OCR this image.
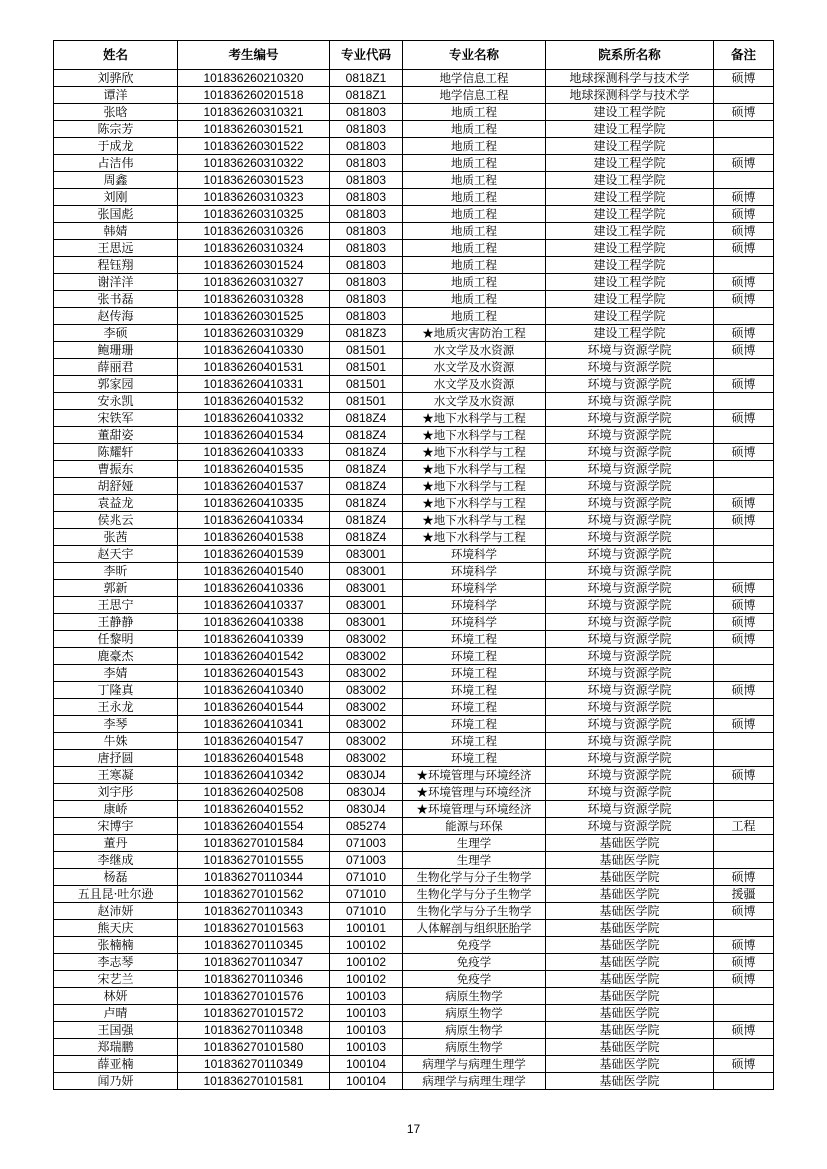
姓名	考生编号	专业代码	专业名称	院系所名称	备注
刘骅欣	101836260210320	0818Z1	地学信息工程	地球探测科学与技术学	硕博
谭洋	101836260201518	0818Z1	地学信息工程	地球探测科学与技术学	
张晗	101836260310321	081803	地质工程	建设工程学院	硕博
陈宗芳	101836260301521	081803	地质工程	建设工程学院	
于成龙	101836260301522	081803	地质工程	建设工程学院	
占洁伟	101836260310322	081803	地质工程	建设工程学院	硕博
周鑫	101836260301523	081803	地质工程	建设工程学院	
刘刚	101836260310323	081803	地质工程	建设工程学院	硕博
张国彪	101836260310325	081803	地质工程	建设工程学院	硕博
韩婧	101836260310326	081803	地质工程	建设工程学院	硕博
王思远	101836260310324	081803	地质工程	建设工程学院	硕博
程钰翔	101836260301524	081803	地质工程	建设工程学院	
谢洋洋	101836260310327	081803	地质工程	建设工程学院	硕博
张书磊	101836260310328	081803	地质工程	建设工程学院	硕博
赵传海	101836260301525	081803	地质工程	建设工程学院	
李硕	101836260310329	0818Z3	★地质灾害防治工程	建设工程学院	硕博
鲍珊珊	101836260410330	081501	水文学及水资源	环境与资源学院	硕博
薛丽君	101836260401531	081501	水文学及水资源	环境与资源学院	
郭家园	101836260410331	081501	水文学及水资源	环境与资源学院	硕博
安永凯	101836260401532	081501	水文学及水资源	环境与资源学院	
宋铁军	101836260410332	0818Z4	★地下水科学与工程	环境与资源学院	硕博
董甜姿	101836260401534	0818Z4	★地下水科学与工程	环境与资源学院	
陈耀轩	101836260410333	0818Z4	★地下水科学与工程	环境与资源学院	硕博
曹振东	101836260401535	0818Z4	★地下水科学与工程	环境与资源学院	
胡舒娅	101836260401537	0818Z4	★地下水科学与工程	环境与资源学院	
袁益龙	101836260410335	0818Z4	★地下水科学与工程	环境与资源学院	硕博
侯兆云	101836260410334	0818Z4	★地下水科学与工程	环境与资源学院	硕博
张茜	101836260401538	0818Z4	★地下水科学与工程	环境与资源学院	
赵天宇	101836260401539	083001	环境科学	环境与资源学院	
李昕	101836260401540	083001	环境科学	环境与资源学院	
郭新	101836260410336	083001	环境科学	环境与资源学院	硕博
王思宁	101836260410337	083001	环境科学	环境与资源学院	硕博
王静静	101836260410338	083001	环境科学	环境与资源学院	硕博
任黎明	101836260410339	083002	环境工程	环境与资源学院	硕博
鹿豪杰	101836260401542	083002	环境工程	环境与资源学院	
李婧	101836260401543	083002	环境工程	环境与资源学院	
丁隆真	101836260410340	083002	环境工程	环境与资源学院	硕博
王永龙	101836260401544	083002	环境工程	环境与资源学院	
李琴	101836260410341	083002	环境工程	环境与资源学院	硕博
牛姝	101836260401547	083002	环境工程	环境与资源学院	
唐抒圆	101836260401548	083002	环境工程	环境与资源学院	
王寒凝	101836260410342	0830J4	★环境管理与环境经济	环境与资源学院	硕博
刘宇彤	101836260402508	0830J4	★环境管理与环境经济	环境与资源学院	
康峤	101836260401552	0830J4	★环境管理与环境经济	环境与资源学院	
宋博宇	101836260401554	085274	能源与环保	环境与资源学院	工程
董丹	101836270101584	071003	生理学	基础医学院	
李继成	101836270101555	071003	生理学	基础医学院	
杨磊	101836270110344	071010	生物化学与分子生物学	基础医学院	硕博
五且昆·吐尔逊	101836270101562	071010	生物化学与分子生物学	基础医学院	援疆
赵沛妍	101836270110343	071010	生物化学与分子生物学	基础医学院	硕博
熊天庆	101836270101563	100101	人体解剖与组织胚胎学	基础医学院	
张楠楠	101836270110345	100102	免疫学	基础医学院	硕博
李志琴	101836270110347	100102	免疫学	基础医学院	硕博
宋艺兰	101836270110346	100102	免疫学	基础医学院	硕博
林妍	101836270101576	100103	病原生物学	基础医学院	
卢晴	101836270101572	100103	病原生物学	基础医学院	
王国强	101836270110348	100103	病原生物学	基础医学院	硕博
郑瑞鹏	101836270101580	100103	病原生物学	基础医学院	
薛亚楠	101836270110349	100104	病理学与病理生理学	基础医学院	硕博
闻乃妍	101836270101581	100104	病理学与病理生理学	基础医学院	
17
